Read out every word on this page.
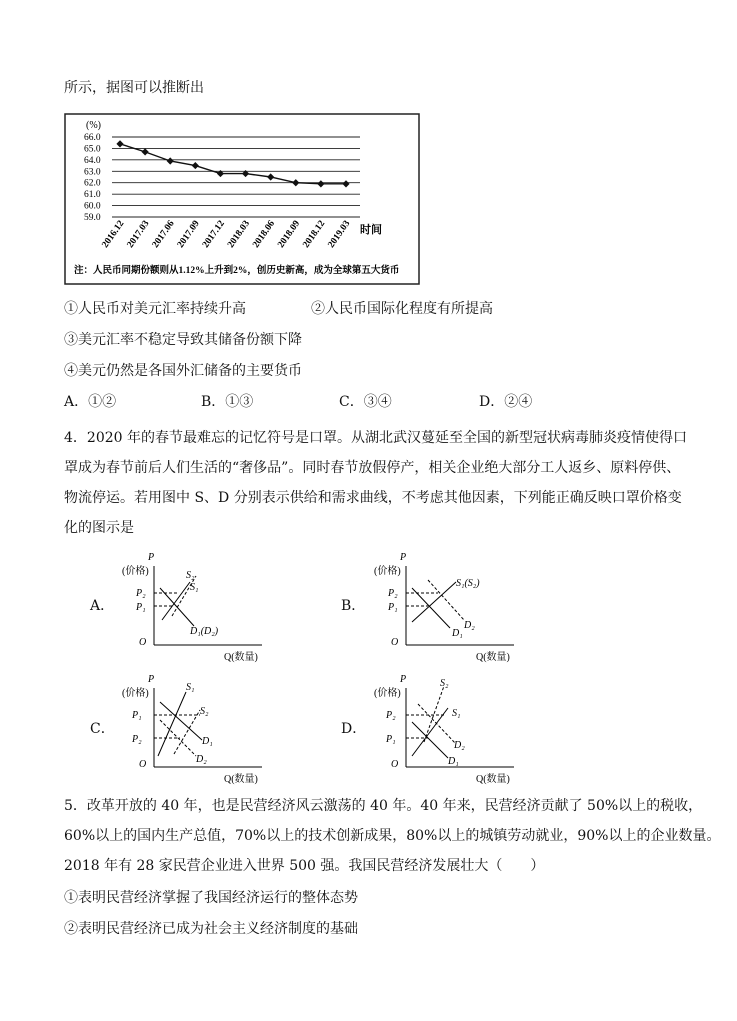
所示，据图可以推断出
66.0
65.0
64.0
63.0
62.0
61.0
60.0
59.0
2016.12 2017.03 2017.06 2017.09 2017.12 2018.03 2018.06 2018.09 2018.12 2019.03
(%)
时间
注：人民币同期份额则从1.12%上升到2%，创历史新高，成为全球第五大货币
①人民币对美元汇率持续升高	②人民币国际化程度有所提高
③美元汇率不稳定导致其储备份额下降
④美元仍然是各国外汇储备的主要货币
A．①②	B．①③	C．③④	D．②④
4．2020 年的春节最难忘的记忆符号是口罩。从湖北武汉蔓延至全国的新型冠状病毒肺炎疫情使得口
罩成为春节前后人们生活的“奢侈品”。同时春节放假停产，相关企业绝大部分工人返乡、原料停供、
物流停运。若用图中 S、D 分别表示供给和需求曲线，不考虑其他因素，下列能正确反映口罩价格变
化的图示是
A．
P
(价格)
O
Q(数量)
P₂
P₁
S₂
S₁
D₁(D₂)
B．
P
(价格)
O
Q(数量)
P₂
P₁
S₁(S₂)
D₂
D₁
C．
P
(价格)
O
Q(数量)
P₁
P₂
S₁
S₂
D₁
D₂
D．
P
(价格)
O
Q(数量)
P₂
P₁
S₂
S₁
D₂
D₁
5．改革开放的 40 年，也是民营经济风云激荡的 40 年。40 年来，民营经济贡献了 50%以上的税收，
60%以上的国内生产总值，70%以上的技术创新成果，80%以上的城镇劳动就业，90%以上的企业数量。
2018 年有 28 家民营企业进入世界 500 强。我国民营经济发展壮大（　　）
①表明民营经济掌握了我国经济运行的整体态势
②表明民营经济已成为社会主义经济制度的基础
